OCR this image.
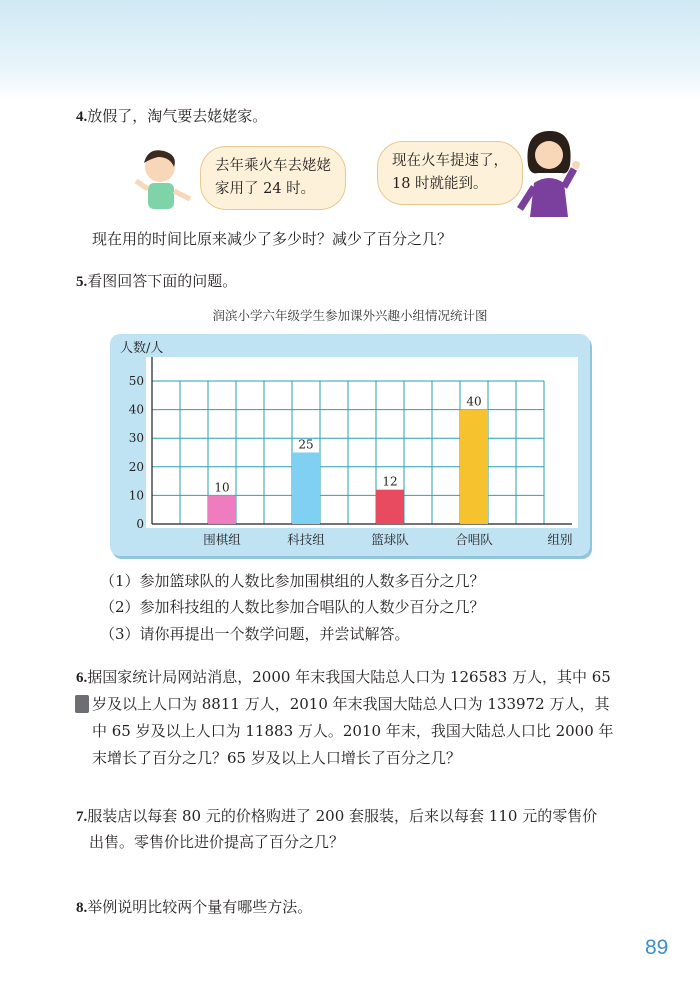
4.放假了，淘气要去姥姥家。
去年乘火车去姥姥
家用了 24 时。
现在火车提速了，
18 时就能到。
现在用的时间比原来减少了多少时？减少了百分之几？
5.看图回答下面的问题。
润滨小学六年级学生参加课外兴趣小组情况统计图
0
10
20
30
40
50
人数/人
组别
10
围棋组
25
科技组
12
篮球队
40
合唱队
（1）参加篮球队的人数比参加围棋组的人数多百分之几？
（2）参加科技组的人数比参加合唱队的人数少百分之几？
（3）请你再提出一个数学问题，并尝试解答。
6.据国家统计局网站消息，2000 年末我国大陆总人口为 126583 万人，其中 65
岁及以上人口为 8811 万人，2010 年末我国大陆总人口为 133972 万人，其
中 65 岁及以上人口为 11883 万人。2010 年末，我国大陆总人口比 2000 年
末增长了百分之几？65 岁及以上人口增长了百分之几？
7.服装店以每套 80 元的价格购进了 200 套服装，后来以每套 110 元的零售价
出售。零售价比进价提高了百分之几？
8.举例说明比较两个量有哪些方法。
89
